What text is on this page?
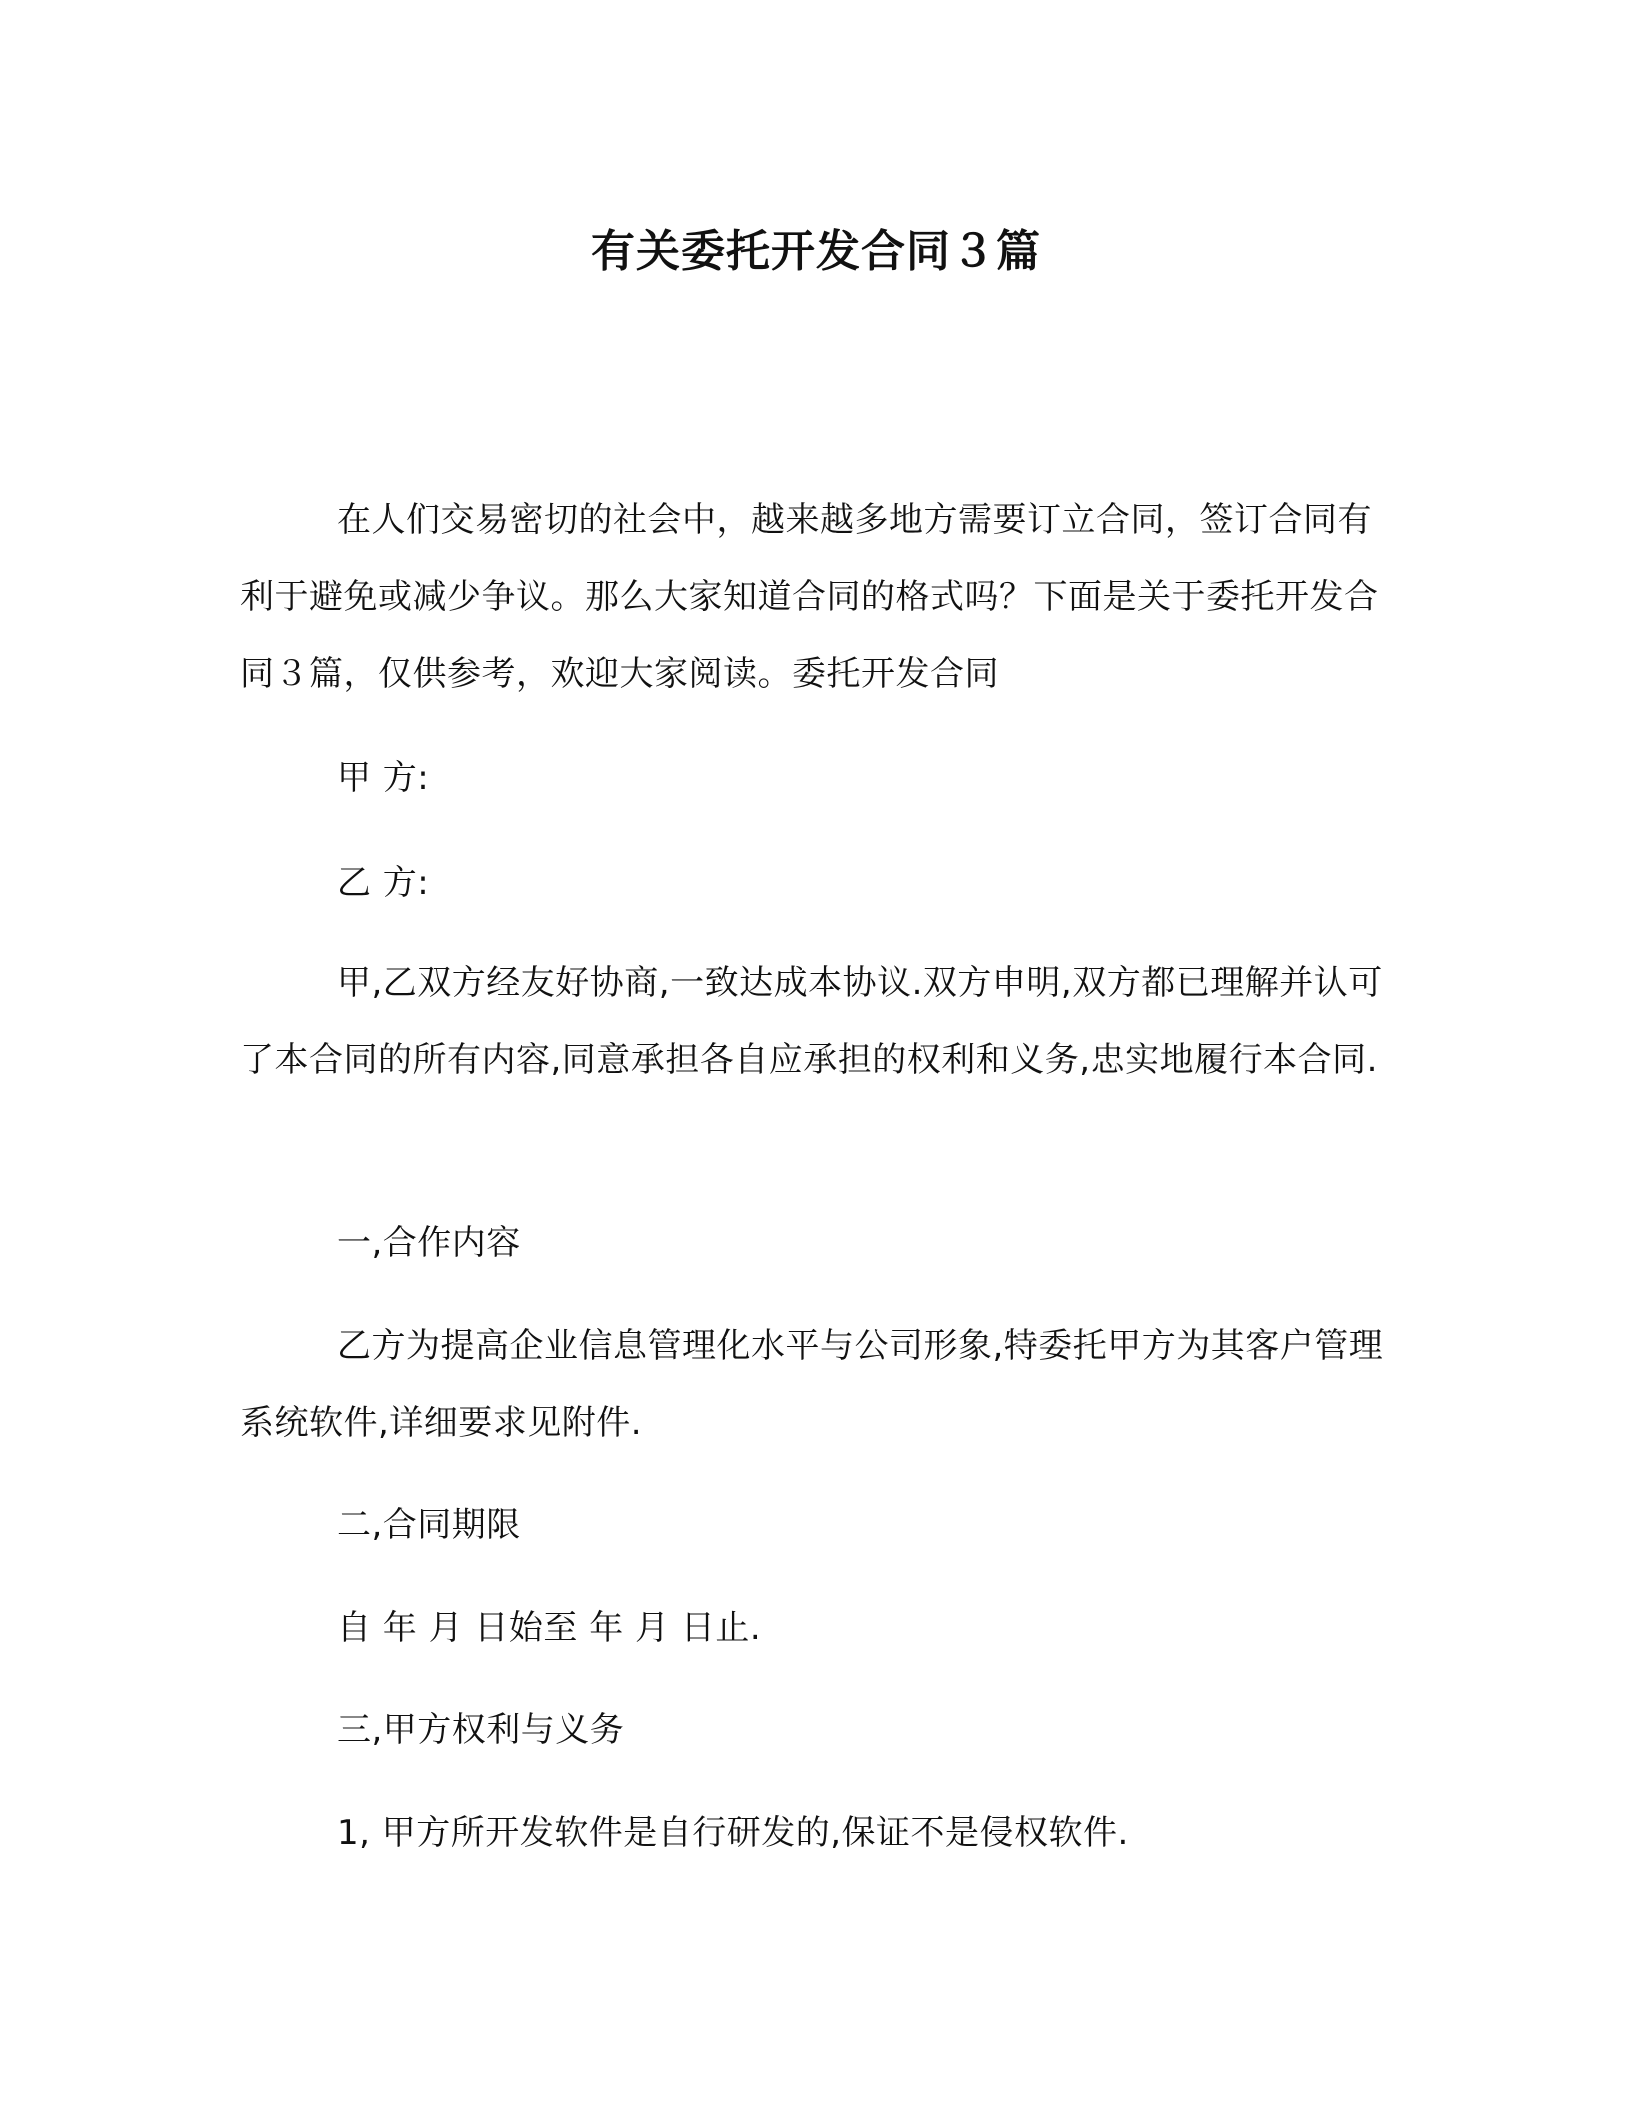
有关委托开发合同３篇

在人们交易密切的社会中，越来越多地方需要订立合同，签订合同有利于避免或减少争议。那么大家知道合同的格式吗？下面是关于委托开发合同３篇，仅供参考，欢迎大家阅读。委托开发合同

甲 方:

乙 方:

甲,乙双方经友好协商,一致达成本协议.双方申明,双方都已理解并认可了本合同的所有内容,同意承担各自应承担的权利和义务,忠实地履行本合同.

一,合作内容

乙方为提高企业信息管理化水平与公司形象,特委托甲方为其客户管理系统软件,详细要求见附件.

二,合同期限

自 年 月 日始至 年 月 日止.

三,甲方权利与义务

1, 甲方所开发软件是自行研发的,保证不是侵权软件.
